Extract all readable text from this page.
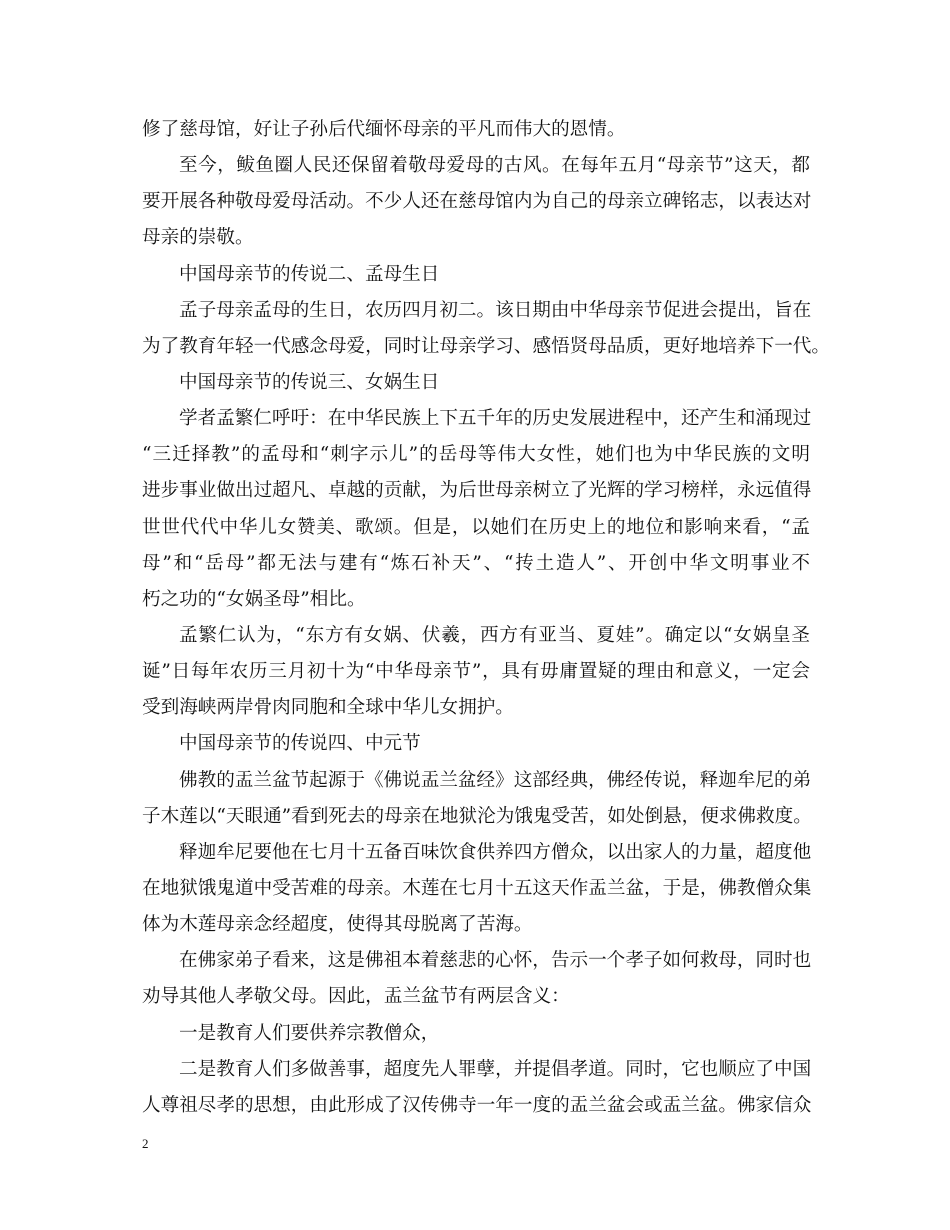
修了慈母馆，好让子孙后代缅怀母亲的平凡而伟大的恩情。
至今，鲅鱼圈人民还保留着敬母爱母的古风。在每年五月“母亲节”这天，都
要开展各种敬母爱母活动。不少人还在慈母馆内为自己的母亲立碑铭志，以表达对
母亲的崇敬。
中国母亲节的传说二、孟母生日
孟子母亲孟母的生日，农历四月初二。该日期由中华母亲节促进会提出，旨在
为了教育年轻一代感念母爱，同时让母亲学习、感悟贤母品质，更好地培养下一代。
中国母亲节的传说三、女娲生日
学者孟繁仁呼吁：在中华民族上下五千年的历史发展进程中，还产生和涌现过
“三迁择教”的孟母和“刺字示儿”的岳母等伟大女性，她们也为中华民族的文明
进步事业做出过超凡、卓越的贡献，为后世母亲树立了光辉的学习榜样，永远值得
世世代代中华儿女赞美、歌颂。但是，以她们在历史上的地位和影响来看，“孟
母”和“岳母”都无法与建有“炼石补天”、“抟土造人”、开创中华文明事业不
朽之功的“女娲圣母”相比。
孟繁仁认为，“东方有女娲、伏羲，西方有亚当、夏娃”。确定以“女娲皇圣
诞”日每年农历三月初十为“中华母亲节”，具有毋庸置疑的理由和意义，一定会
受到海峡两岸骨肉同胞和全球中华儿女拥护。
中国母亲节的传说四、中元节
佛教的盂兰盆节起源于《佛说盂兰盆经》这部经典，佛经传说，释迦牟尼的弟
子木莲以“天眼通”看到死去的母亲在地狱沦为饿鬼受苦，如处倒悬，便求佛救度。
释迦牟尼要他在七月十五备百味饮食供养四方僧众，以出家人的力量，超度他
在地狱饿鬼道中受苦难的母亲。木莲在七月十五这天作盂兰盆，于是，佛教僧众集
体为木莲母亲念经超度，使得其母脱离了苦海。
在佛家弟子看来，这是佛祖本着慈悲的心怀，告示一个孝子如何救母，同时也
劝导其他人孝敬父母。因此，盂兰盆节有两层含义：
一是教育人们要供养宗教僧众，
二是教育人们多做善事，超度先人罪孽，并提倡孝道。同时，它也顺应了中国
人尊祖尽孝的思想，由此形成了汉传佛寺一年一度的盂兰盆会或盂兰盆。佛家信众
2
